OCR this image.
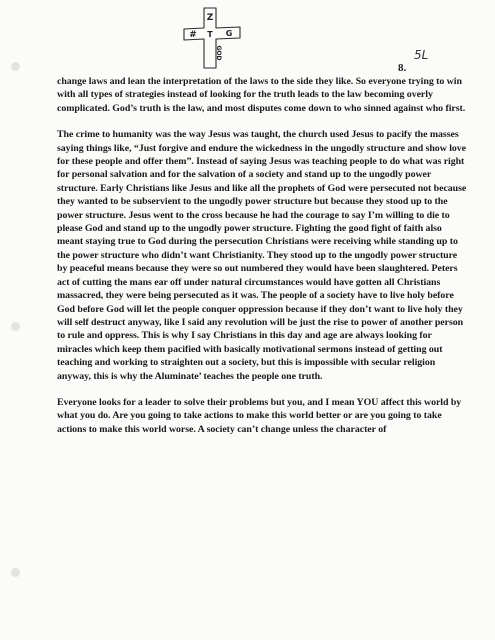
Z
T
#	G
GOD	5L
8.

change laws and lean the interpretation of the laws to the side they like. So everyone trying to win with all types of strategies instead of looking for the truth leads to the law becoming overly complicated. God’s truth is the law, and most disputes come down to who sinned against who first.

The crime to humanity was the way Jesus was taught, the church used Jesus to pacify the masses saying things like, “Just forgive and endure the wickedness in the ungodly structure and show love for these people and offer them”. Instead of saying Jesus was teaching people to do what was right for personal salvation and for the salvation of a society and stand up to the ungodly power structure. Early Christians like Jesus and like all the prophets of God were persecuted not because they wanted to be subservient to the ungodly power structure but because they stood up to the power structure. Jesus went to the cross because he had the courage to say I’m willing to die to please God and stand up to the ungodly power structure. Fighting the good fight of faith also meant staying true to God during the persecution Christians were receiving while standing up to the power structure who didn’t want Christianity. They stood up to the ungodly power structure by peaceful means because they were so out numbered they would have been slaughtered. Peters act of cutting the mans ear off under natural circumstances would have gotten all Christians massacred, they were being persecuted as it was. The people of a society have to live holy before God before God will let the people conquer oppression because if they don’t want to live holy they will self destruct anyway, like I said any revolution will be just the rise to power of another person to rule and oppress. This is why I say Christians in this day and age are always looking for miracles which keep them pacified with basically motivational sermons instead of getting out teaching and working to straighten out a society, but this is impossible with secular religion anyway, this is why the Aluminate’ teaches the people one truth.

Everyone looks for a leader to solve their problems but you, and I mean YOU affect this world by what you do. Are you going to take actions to make this world better or are you going to take actions to make this world worse. A society can’t change unless the character of
